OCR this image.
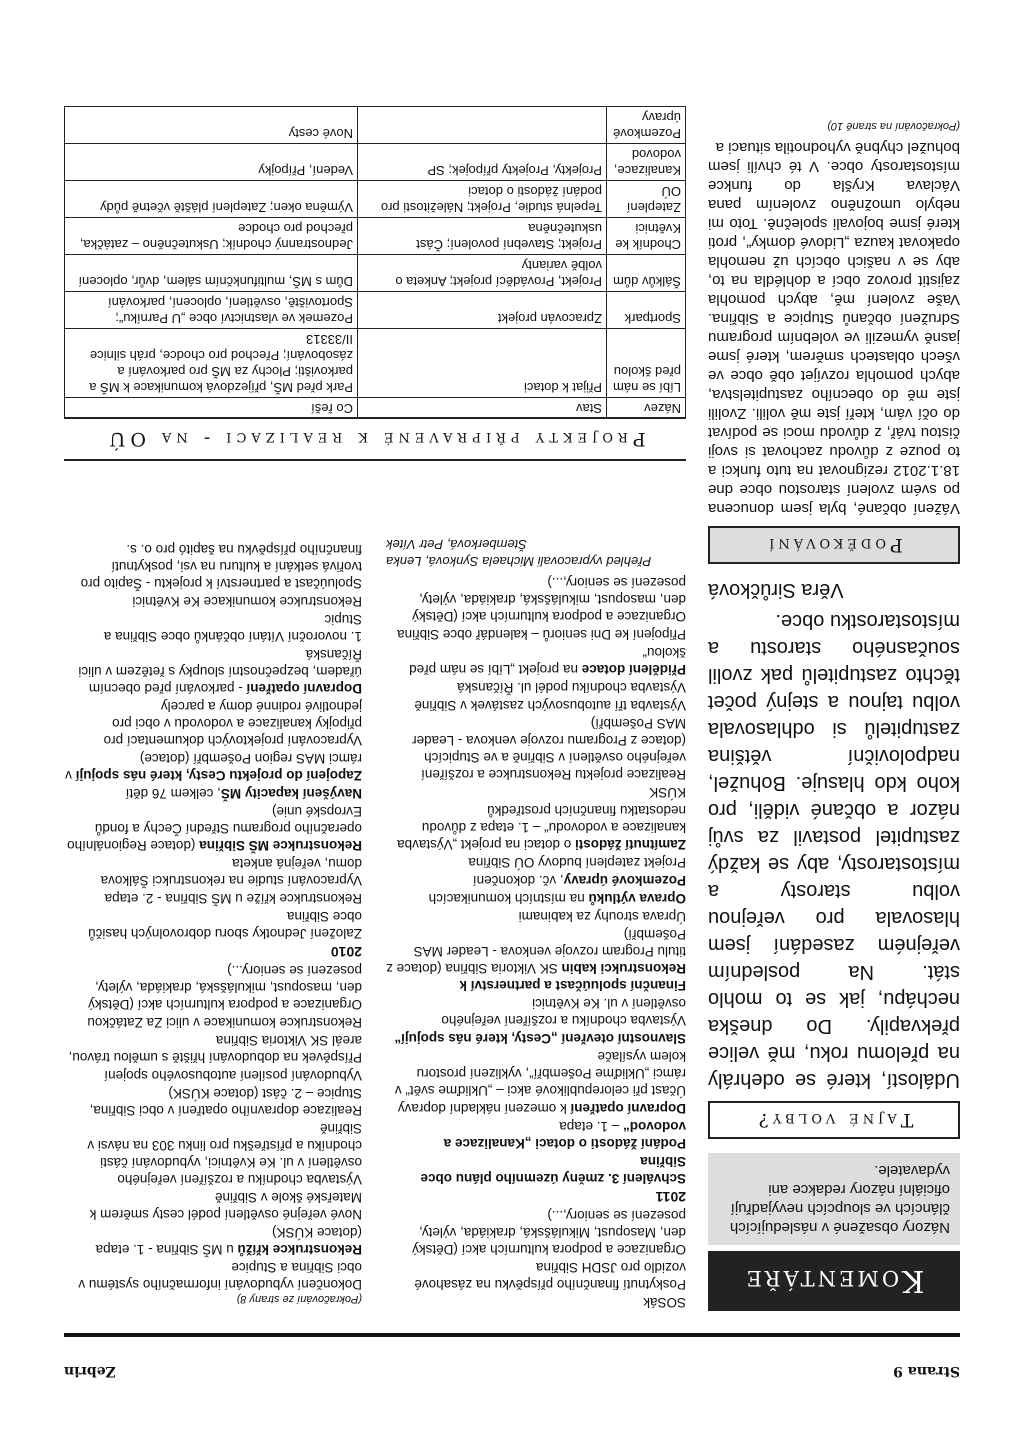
Strana 9
Zebrin
Komentáře
Názory obsažené v následujících článcích ve sloupcích nevyjadřují oficiální názory redakce ani vydavatele.
Tajné volby?

Událostí, které se odehrály na přelomu roku, mě velice překvapily. Do dneška nechápu, jak se to mohlo stát. Na posledním veřejném zasedání jsem hlasovala pro veřejnou volbu starosty a místostarosty, aby se každý zastupitel postavil za svůj názor a občané viděli, pro koho kdo hlasuje. Bohužel, nadpoloviční většina zastupitelů si odhlasovala volbu tajnou a stejný počet těchto zastupitelů pak zvolil současného starostu a místostarostku obce.

Věra Sirůčková
Poděkování

Vážení občané, byla jsem donucena po svém zvolení starostou obce dne 18.1.2012 rezignovat na tuto funkci a to pouze z důvodu zachovat si svoji čistou tvář, z důvodu moci se podívat do očí vám, kteří jste mě volili. Zvolili jste mě do obecního zastupitelstva, abych pomohla rozvíjet obě obce ve všech oblastech směrem, které jsme jasně vymezili ve volebním programu Sdružení občanů Stupice a Sibřina. Vaše zvolení mě, abych pomohla zajistit provoz obcí a dohlédla na to, aby se v našich obcích už nemohla opakovat kauza „Lidové domky“, proti které jsme bojovali společně. Toto mi nebylo umožněno zvolením pana Václava Kryšla do funkce místostarosty obce. V té chvíli jsem bohužel chybně vyhodnotila situaci a

(Pokračování na straně 10)

SOSák

Poskytnutí finančního příspěvku na zásahové vozidlo pro JSDH Sibřina

Organizace a podpora kulturních akcí (Dětský den, Masopust, Mikulášská, drakiáda, výlety, posezení se seniory,...)

2011

Schválení 3. změny územního plánu obce Sibřina

Podání žádosti o dotaci „Kanalizace a vodovod“ – 1. etapa

Dopravní opatření k omezení nákladní dopravy

Účast při celorepublikové akci – „Ukliďme svět“ v rámci „Ukliďme Pošembří“, vyklizení prostoru kolem vysílače

Slavnostní otevření „Cesty, které nás spojují“

Výstavba chodníku a rozšíření veřejného osvětlení v ul. Ke Květnici

Finanční spoluúčast a partnerství k Rekonstrukci kabin SK Viktoria Sibřina (dotace z titulu Program rozvoje venkova - Leader MAS Pošembří)

Úprava strouhy za kabinami

Oprava výtluků na místních komunikacích

Pozemkové úpravy, vč. dokončení

Projekt zateplení budovy OÚ Sibřina

Zamítnutí žádosti o dotaci na projekt „Výstavba kanalizace a vodovodu“ – 1. etapa z důvodu nedostatku finančních prostředků

KÚSK

Realizace projektu Rekonstrukce a rozšíření veřejného osvětlení v Sibřině a ve Stupicích (dotace z Programu rozvoje venkova - Leader MAS Pošembří)

Výstavba tří autobusových zastávek v Sibřině

Výstavba chodníku podél ul. Říčanská

Přidělení dotace na projekt „Líbí se nám před školou“

Připojení ke Dni seniorů – kalendář obce Sibřina

Organizace a podpora kulturních akcí (Dětský den, masopust, mikulášská, drakiáda, výlety, posezení se seniory,...)

Přehled vypracovali Michaela Synková, Lenka Štemberková, Petr Vítek
(Pokračování ze strany 8)

Dokončení vybudování informačního systému v obci Sibřina a Stupice

Rekonstrukce křížů u MŠ Sibřina - 1. etapa (dotace KÚSK)

Nové veřejné osvětlení podél cesty směrem k Mateřské škole v Sibřině

Výstavba chodníku a rozšíření veřejného osvětlení v ul. Ke Květnici, vybudování části chodníku a přístřešku pro linku 303 na návsi v Sibřině

Realizace dopravního opatření v obci Sibřina, Stupice – 2. část (dotace KÚSK)

Vybudování posílení autobusového spojení

Příspěvek na dobudování hřiště s umělou trávou, areál SK Viktoria Sibřina

Rekonstrukce komunikace v ulici Za Zatáčkou

Organizace a podpora kulturních akcí (Dětský den, masopust, mikulášská, drakiáda, výlety, posezení se seniory...)

2010

Založení Jednotky sboru dobrovolných hasičů obce Sibřina

Rekonstrukce kříže u MŠ Sibřina - 2. etapa

Vypracování studie na rekonstrukci Šálkova domu, veřejná anketa

Rekonstrukce MŠ Sibřina (dotace Regionálního operačního programu Střední Čechy a fondů Evropské unie)

Navýšení kapacity MŠ, celkem 76 dětí

Zapojení do projektu Cesty, které nás spojují v rámci MAS region Pošembří (dotace)

Vypracování projektových dokumentací pro připojky kanalizace a vodovodu v obci pro jednotlivé rodinné domy a parcely

Dopravní opatření - parkování před obecním úřadem, bezpečnostní sloupky s řetězem v ulici Říčanská

1. novoroční Vítání občánků obce Sibřina a Stupic

Rekonstrukce komunikace Ke Květnici

Spoluúčast a partnerství k projektu - Šapito pro tvořivá setkání a kulturu na vsi, poskytnutí finančního příspěvku na šapitó pro o. s.

Projekty připravené k realizaci - na OÚ
Název	Stav	Co řeší
Líbí se nám před školou	Přijat k dotaci	Park před MŠ, příjezdová komunikace k MŠ a parkovišti; Plochy za MŠ pro parkování a zásobování; Přechod pro chodce, práh silnice II/33313
Sportpark	Zpracován projekt	Pozemek ve vlastnictví obce „U Parníku“; Sportoviště, osvětlení, oplocení, parkování
Šálkův dům	Projekt, Prováděcí projekt; Anketa o volbě varianty	Dům s MŠ, multifunkčním sálem, dvůr, oplocení
Chodník ke Květnici	Projekt; Stavební povolení; Část uskutečněna	Jednostranný chodník; Uskutečněno – zatáčka, přechod pro chodce
Zateplení OÚ	Tepelná studie, Projekt; Náležitosti pro podání žádosti o dotaci	Výměna oken; Zateplení pláště včetně půdy
Kanalizace, vodovod	Projekty, Projekty přípojek; SP	Vedení, Přípojky
Pozemkové úpravy		Nové cesty
